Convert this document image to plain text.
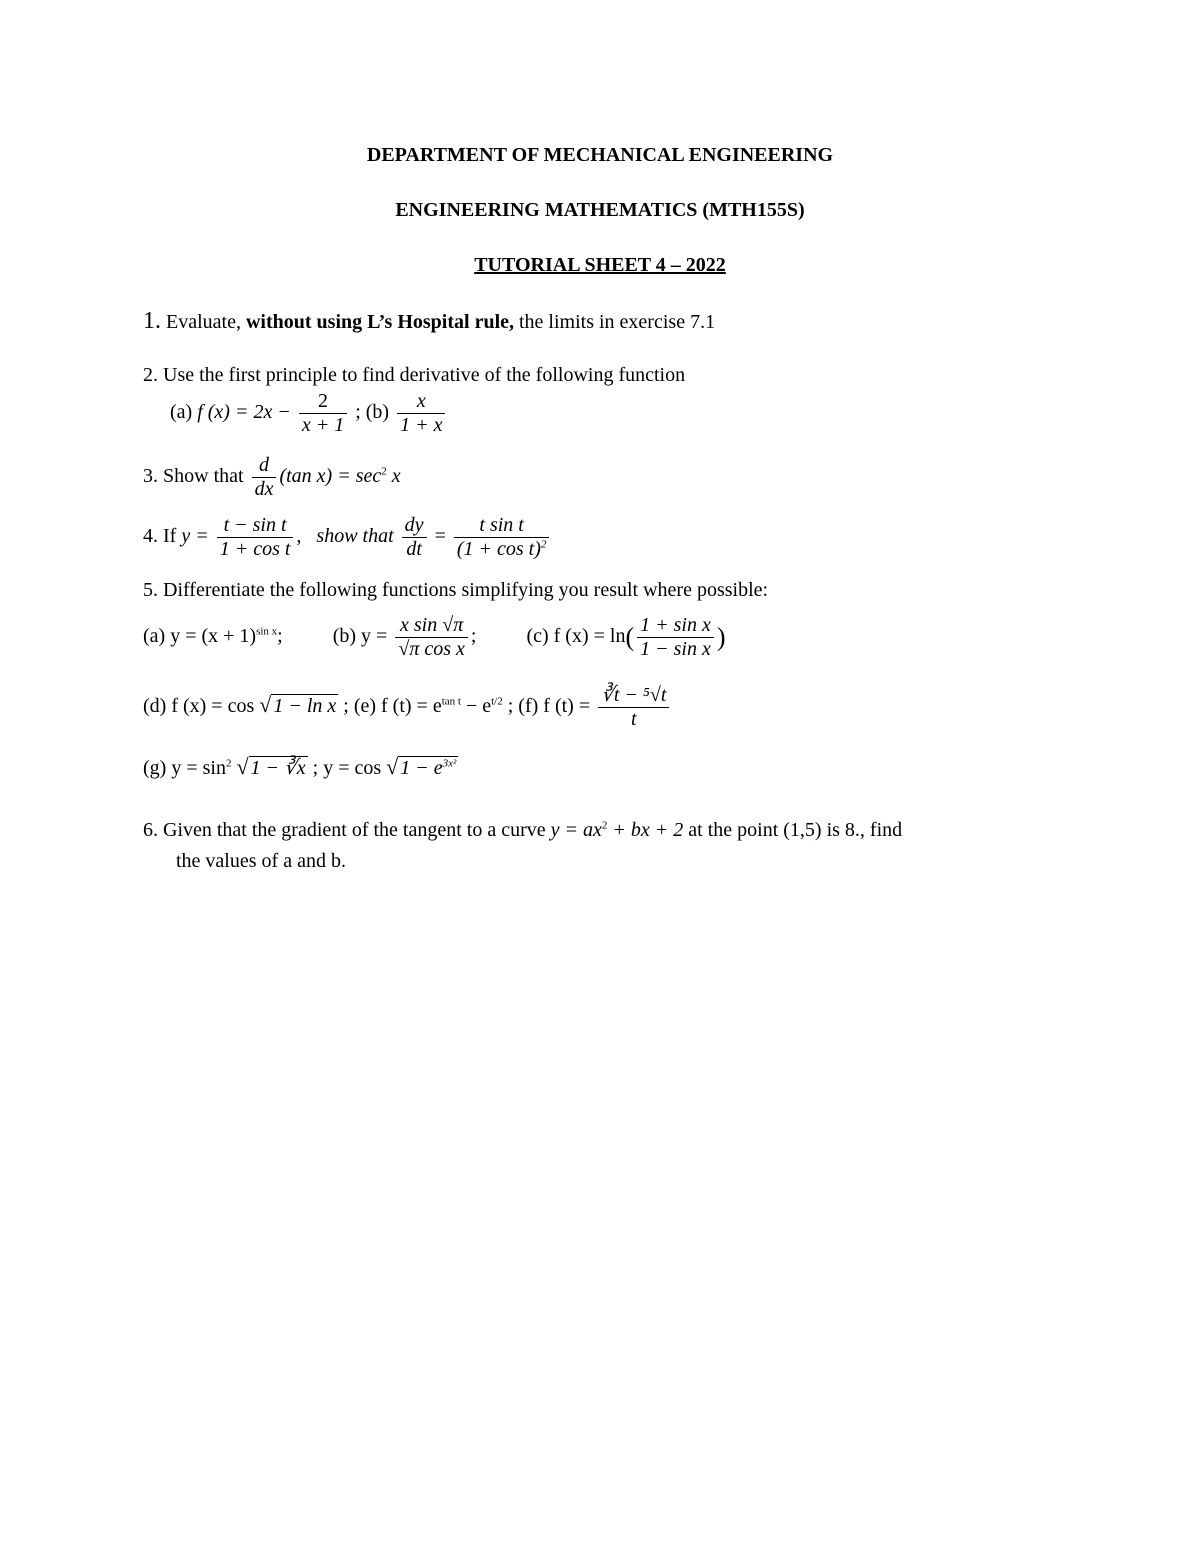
DEPARTMENT OF MECHANICAL ENGINEERING
ENGINEERING MATHEMATICS (MTH155S)
TUTORIAL SHEET 4 – 2022
1. Evaluate, without using L’s Hospital rule, the limits in exercise 7.1
2. Use the first principle to find derivative of the following function
(a) f $(x) = 2x - \frac{2}{x + 1}$ ; $(b) \frac{x}{1 + x}$
3. Show that $\frac{d}{dx} (\tan$ $x) = \sec^2 x$
4. If $y = \frac{\text{t − sin t}}{\text{1 + cos t}}$ , show that $\frac{dy}{dt} = \frac{\text{t sin t}}{(1 + \cos t)^2}$
5. Differentiate the following functions simplifying you result where possible:
(a) $y = (x + 1)^{sin x}$;	(b) $y = \frac{\text{x sin √π}}{\text{√π cos x}}$ ;	(c) f $(x) = \ln( \frac{\text{1 + sin x}}{\text{1 − sin x}}$ )
(d) f (x) = cos √ 1 − ln x ; (e) f $(t) = e^{tan t} - e^{t/2}$ ; (f) f $(t) = \frac{\text{∛t − ⁵√t}}{t}$
(g) $y = \sin^2$ √ 1 − ∛x ; y = cos √ $1 - e^{3x^2}$
6. Given that the gradient of the tangent to a curve $y = ax^2$ + bx + 2 at the point (1,5) is 8., find
the values of a and b.
